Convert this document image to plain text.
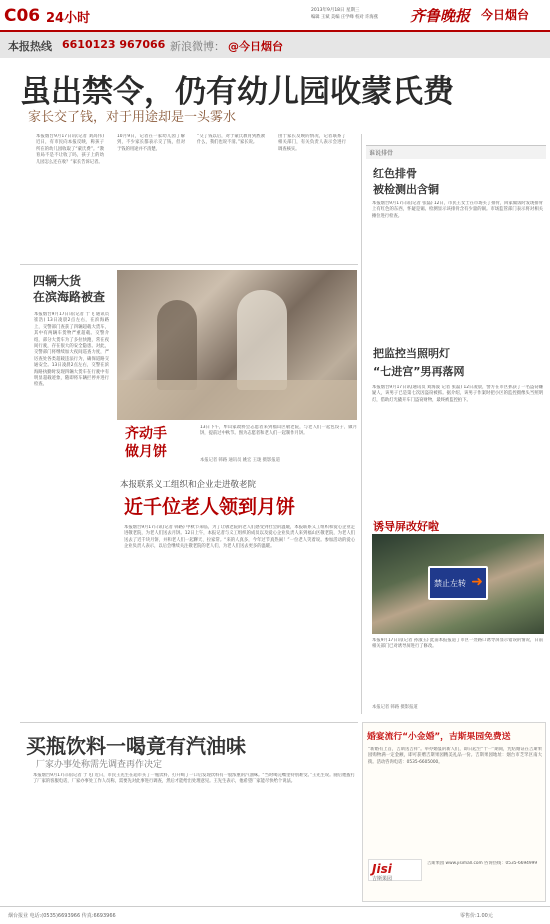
C06 24小时
2013年9月18日 星期三
编辑 王斌 美编 庄学峰 校对 许海燕 齐鲁晚报 今日烟台
本报热线 6610123 967066 新浪微博： @今日烟台
虽出禁令，仍有幼儿园收蒙氏费
家长交了钱，对于用途却是一头雾水
本报烟台9月17日讯(记者 刘高伟) 近日，有市民向本报反映，称孩子所在的幼儿园收取了“蒙氏费”。“教育局不是不让收了吗，孩子上的幼儿园怎么还在收？”家长告诉记者。
10月9日，记者在一家幼儿园了解到，不少家长都表示交了钱，但对于钱的用途并不清楚。
“交了钱以后，对于蒙氏教育到底教什么，我们也说不清。”家长说。
由于家长反映的情况，记者联系了相关部门，有关负责人表示会进行调查核实。
四辆大货
在滨海路被查
本报烟台9月17日讯(记者 于飞 通讯员 崔浩) 13日凌晨2点左右，在滨海路上，交警部门查获了四辆超载大货车，其中有两辆车货物严重超载。交警介绍，部分大货车为了多拉快跑，常在夜间行驶，存在很大的安全隐患。对此，交警部门将继续加大夜间巡查力度，严厉查处各类超载违法行为，确保道路交通安全。13日凌晨2点左右，交警在滨海路执勤时发现四辆大货车在行驶中有明显超载迹象，随即将车辆拦停并进行检查。
齐动手
做月饼
13日下午，牟山家政协会志愿者来到福山区敬老院，与老人们一起包饺子、做月饼，提前过中秋节。图为志愿者和老人们一起制作月饼。
本报记者 韩路 通讯员 姚宏 王珑 摄影报道
本报联系义工组织和企业走进敬老院
近千位老人领到月饼
本报烟台9月17日讯(记者 韩路) 中秋节来临，为了让敬老院的老人们感受到社会的温暖，本报联系义工组织和爱心企业走进敬老院，为老人们送去月饼。12日上午，本报记者与义工组织的成员以及爱心企业负责人来到福山区敬老院，为老人们送去了近千块月饼，并和老人们一起聊天、拉家常。“来的人真多，今年过节真热闹！”一位老人笑着说。参加活动的爱心企业负责人表示，以后会继续关注敬老院的老人们，为老人们送去更多的温暖。
买瓶饮料一喝竟有汽油味
厂家办事处称需先调查再作决定
本报烟台9月17日讯(记者 于飞) 近日，市民王先生在超市买了一瓶饮料，打开喝了一口后发现饮料有一股浓重的汽油味。“当时喝完嘴里特别难受。”王先生说。随后他拨打了厂家的客服电话，厂家办事处工作人员称，需要先对此事进行调查，然后才能给出处理意见。王先生表示，他希望厂家能尽快给个说法。
谁说排骨
红色排骨
被检测出含铜
本报烟台9月17日讯(记者 张磊) 12日，市民王女士在市场买了排骨，回家做饭时发现排骨上有红色的东西，怀疑是铜。检测显示该排骨含有少量的铜。市场监管部门表示将对相关摊位进行检查。
把监控当照明灯
“七进宫”男再落网
本报烟台9月17日讯(通讯员 刘海波 记者 张磊) 12日凌晨，警方在市区抓获了一名盗窃嫌疑人，该男子已是第七次因盗窃被抓。据介绍，该男子作案时把小区的监控摄像头当照明灯，借助灯光撬开车门盗窃财物，最终被监控拍下。
诱导屏改好啦
禁止左转 ➜
本报9月17日讯(记者 孙淑玉) 此前本报报道了市区一处路口诱导屏显示错误的情况，日前相关部门已对诱导屏进行了修改。
本报记者 韩路 摄影报道
婚宴流行“小金婚”，吉斯果园免费送
“新婚有上首，吉斯送吉祥”。举办婚宴的新人们，即日起至“十一”期间，凭结婚证在吉斯果园购物满一定金额，即可获赠吉斯果园精美礼品一份。吉斯果园地址：烟台市芝罘区南大街。活动咨询电话：0535-6605000。
Jisi
吉斯果园
吉斯果园 www.jisimall.com 咨询热线：0535-6694999
烟台报业 电话:(0535)6693966 传真:6693966	零售价:1.00元
